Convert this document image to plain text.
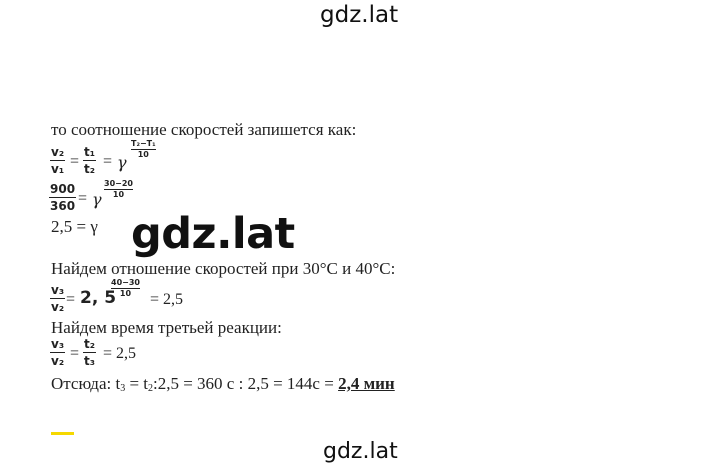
gdz.lat
то соотношение скоростей запишется как:
$\frac{\text{v₂}}{\text{v₁}} = \frac{\text{t₁}}{\text{t₂}} = \gamma$
$\frac{\text{T₂−T₁}}{10}$
$\frac{900}{360} = \gamma$
$\frac{30-20}{10}$
2,5 = γ gdz.lat
Найдем отношение скоростей при 30°С и 40°С:
$\frac{\text{v₃}}{\text{v₂}} = 2$, 5
$\frac{40-30}{10}$
= 2,5
Найдем время третьей реакции:
$\frac{\text{v₃}}{\text{v₂}} = \frac{\text{t₂}}{\text{t₃}} = 2,5$
Отсюда: $t_3$ = $t_2:2,5 = 360$ с : 2,5 = 144с = 2,4 мин
gdz.lat
